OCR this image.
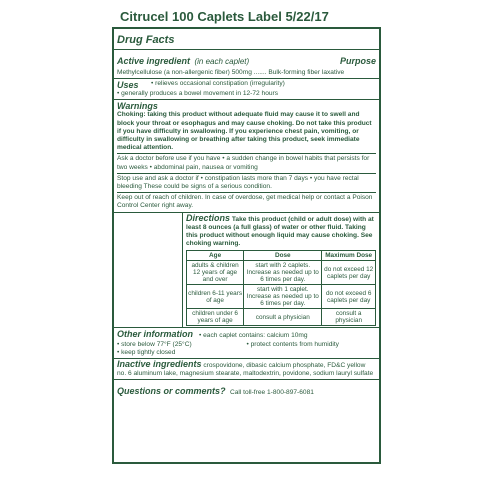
Citrucel 100 Caplets Label 5/22/17
Drug Facts
Active ingredient (in each caplet)	Purpose
Methylcellulose (a non-allergenic fiber) 500mg ....... Bulk-forming fiber laxative
Uses	• relieves occasional constipation (irregularity)
• generally produces a bowel movement in 12-72 hours
Warnings
Choking: taking this product without adequate fluid may cause it to swell and block your throat or esophagus and may cause choking. Do not take this product if you have difficulty in swallowing. If you experience chest pain, vomiting, or difficulty in swallowing or breathing after taking this product, seek immediate medical attention.
Ask a doctor before use if you have • a sudden change in bowel habits that persists for two weeks • abdominal pain, nausea or vomiting
Stop use and ask a doctor if • constipation lasts more than 7 days • you have rectal bleeding These could be signs of a serious condition.
Keep out of reach of children. In case of overdose, get medical help or contact a Poison Control Center right away.
Directions Take this product (child or adult dose) with at least 8 ounces (a full glass) of water or other fluid. Taking this product without enough liquid may cause choking. See choking warning.
Age	Dose	Maximum Dose
adults & children 12 years of age and over	start with 2 caplets. Increase as needed up to 6 times per day.	do not exceed 12 caplets per day
children 6-11 years of age	start with 1 caplet. Increase as needed up to 6 times per day.	do not exceed 6 caplets per day
children under 6 years of age	consult a physician	consult a physician
Other information • each caplet contains: calcium 10mg
• store below 77°F (25°C)	• protect contents from humidity
• keep tightly closed
Inactive ingredients crospovidone, dibasic calcium phosphate, FD&C yellow no. 6 aluminum lake, magnesium stearate, maltodextrin, povidone, sodium lauryl sulfate
Questions or comments? Call toll-free 1-800-897-6081
